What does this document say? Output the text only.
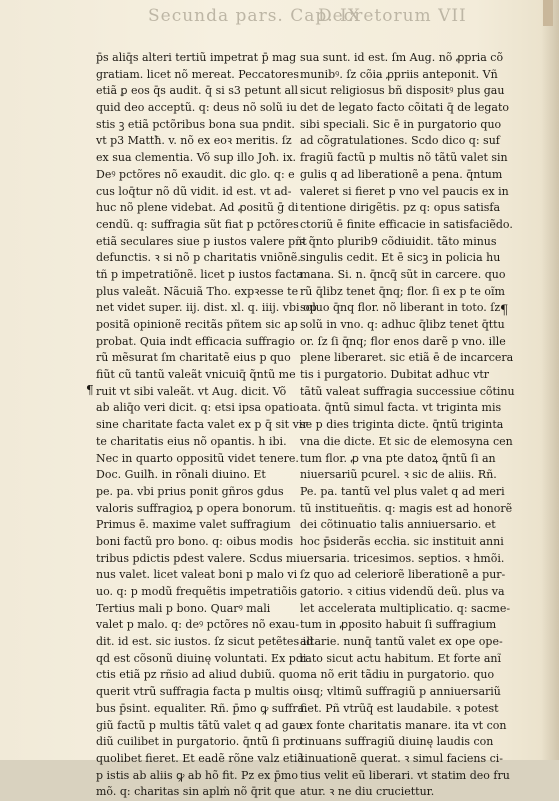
Secunda pars. Cap. IX
Decretorum VII
p̄s aliq̄s alteri tertiũ impetrat p̄ mag
gratiam. licet nõ mereat. Peccatores
etiã ꝑ eos q̄s audit. q̄ si s3 petunt all
quid deo acceptũ. q: deus nõ solũ iu
stis ꝫ etiã pctõribus bona sua pndit.
vt p3 Mattħ. v. nõ ex eoꝛ meritis. ſz
ex sua clementia. Võ sup illo Joħ. ix.
Deꝰ pctõres nõ exaudit. dic glo. q: e
cus loq̄tur nõ dũ vidit. id est. vt ad-
huc nõ plene videbat. Ad ꝓositũ ḡ di
cendũ. q: suffragia sũt fiat p pctõres
etiã seculares siue p iustos valere pñt
defunctis. ꝛ si nõ p charitatis vniõnẽ.
tñ p impetratiõnẽ. licet p iustos facta
plus valeãt. Nãcuiã Tho. expꝛesse te
net videt super. iij. dist. xl. q. iiij. vbi op
positã opinionẽ recitãs pñtem sic ap
probat. Quia indt efficacia suffragio
rũ mẽsurat ſm charitatẽ eius p quo
fiũt cũ tantũ valeãt vnicuiq̄ q̃ntũ me
ruit vt sibi valeãt. vt Aug. dicit. Võ
ab aliq̄o veri dicit. q: etsi ipsa opatio
sine charitate facta valet ex p q̄ sit vir
te charitatis eius nõ opantis. h ibi.
Nec in quarto oppositũ videt tenere.
Doc. Guilħ. in rõnali diuino. Et
pe. pa. vbi prius ponit gñros gdus
valoris suffragioꝝ p opera bonorum.
Primus ē. maxime valet suffragium
boni factũ pro bono. q: oibus modis
tribus pdictis pdest valere. Scdus mi
nus valet. licet valeat boni p malo vi
uo. q: p modũ frequẽtis impetratiõis
Tertius mali p bono. Quarꝰ mali
valet p malo. q: deꝰ pctõres nõ exau-
dit. id est. sic iustos. ſz sicut petẽtes id
qd est cõsonũ diuinę voluntati. Ex pdi
ctis etiã pz rñsio ad aliud dubiũ. quo
querit vtrũ suffragia facta p multis oi
bus p̄sint. equaliter. Rñ. p̄mo ꝙ suffra.
giũ factũ p multis tãtũ valet q ad gau
diũ cuilibet in purgatorio. q̄ntũ ſi pro
quolibet fieret. Et eadẽ rõne valz etiã
p istis ab aliis ꝙ ab hõ fit. Pz ex p̄mo
mõ. q: charitas sin aplṁ nõ q̄rit que
sua sunt. id est. ſm Aug. nõ ꝓpria cõ
munibꝰ. ſz cõia ꝓpriis anteponit. Vñ
sicut religiosus bñ dispositꝰ plus gau
det de legato facto cõitati q̄ de legato
sibi speciali. Sic ē in purgatorio quo
ad cõgratulationes. Scdo dico q: suf
fragiũ factũ p multis nõ tãtũ valet sin
gulis q ad liberationẽ a pena. q̄ntum
valeret si fieret p vno vel paucis ex in
tentione dirigẽtis. pz q: opus satisfa
ctoriũ ē finite efficacie in satisfaciẽdo.
ꝛ q̃nto plurib9 cõdiuidit. tãto minus
singulis cedit. Et ē sicꝫ in policia hu
mana. Si. n. q̄ncq̄ sũt in carcere. quo
rũ q̄libz tenet q̄nq; flor. ſi ex p te oĩm
soluo q̄nq flor. nõ liberant in toto. ſz
solũ in vno. q: adhuc q̄libz tenet q̄ttu
or. ſz ſi q̄nq; flor enos darẽ p vno. ille
plene liberaret. sic etiã ē de incarcera
tis i purgatorio. Dubitat adhuc vtr
tãtũ valeat suffragia successiue cõtinu
ata. q̄ntũ simul facta. vt triginta mis
se p dies triginta dicte. q̄ntũ triginta
vna die dicte. Et sic de elemosyna cen
tum flor. ꝓ vna pte datoꝝ q̄ntũ ſi an
niuersariũ pcurel. ꝛ sic de aliis. Rñ.
Pe. pa. tantũ vel plus valet q ad meri
tũ institueñtis. q: magis est ad honorẽ
dei cõtinuatio talis anniuersario. et
hoc p̄siderãs eccłia. sic instituit anni
uersaria. tricesimos. septios. ꝛ hmõi.
ſz quo ad celeriorẽ liberationẽ a pur-
gatorio. ꝛ citius videndũ deũ. plus va
let accelerata multiplicatio. q: sacme-
tum in ꝓposito habuit ſi suffragium
altarie. nunq̄ tantũ valet ex ope ope-
rato sicut actu habitum. Et forte anĩ
ma nõ erit tãdiu in purgatorio. quo
usq; vltimũ suffragiũ p anniuersariũ
fiet. Pñ vtrũq̄ est laudabile. ꝛ potest
ex fonte charitatis manare. ita vt con
tinuans suffragiũ diuinę laudis con
tinuationẽ querat. ꝛ simul faciens ci-
tius velit eũ liberari. vt statim deo fru
atur. ꝛ ne diu cruciettur.
¶
¶
